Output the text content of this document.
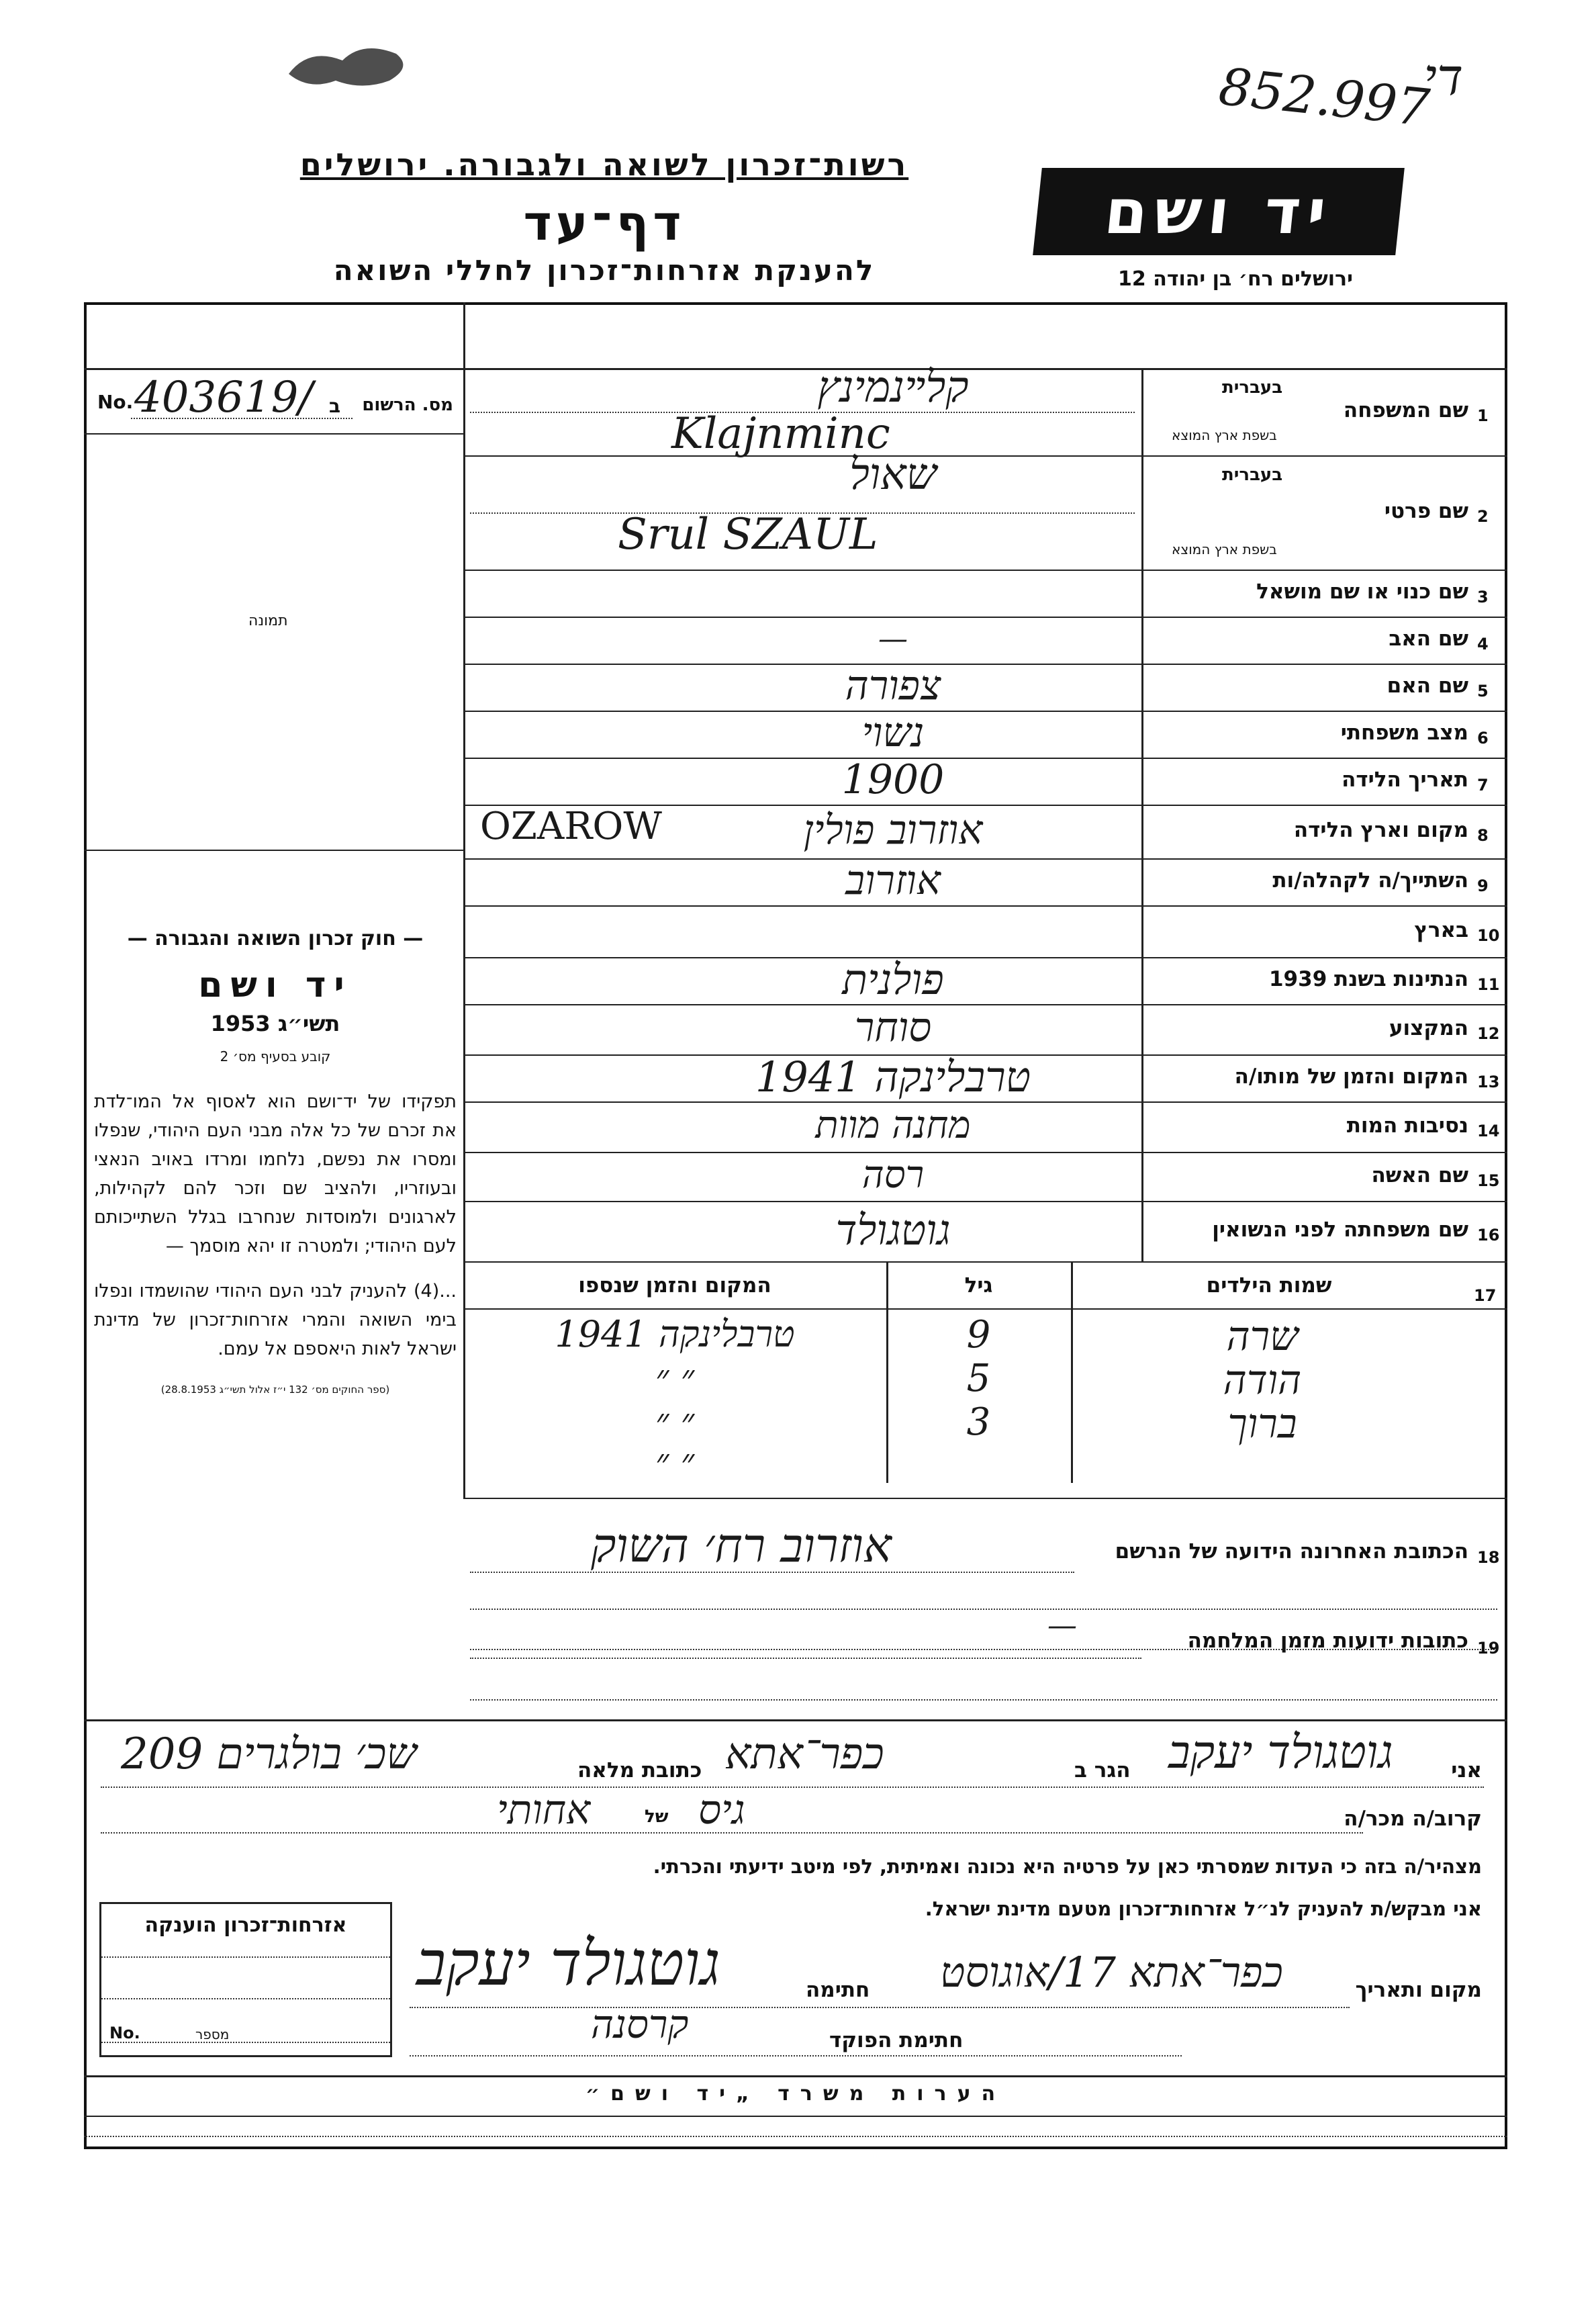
852.997
די
רשות־זכרון לשואה ולגבורה. ירושלים
דף־עד
להענקת אזרחות־זכרון לחללי השואה
יד ושם
ירושלים רח׳ בן יהודה 12
No. 403619/ ב מס. הרשום
תמונה
— חוק זכרון השואה והגבורה —
יד ושם
תשי״ג 1953
קובע בסעיף מס׳ 2
תפקידו של יד־ושם הוא לאסוף אל המו־לדת את זכרם של כל אלה מבני העם היהודי, שנפלו ומסרו את נפשם, נלחמו ומרדו באויב הנאצי ובעוזריו, ולהציב שם וזכר להם לקהילות, לארגונים ולמוסדות שנחרבו בגלל השתייכותם לעם היהודי; ולמטרה זו יהא מוסמך —
...(4) להעניק לבני העם היהודי שהושמדו ונפלו בימי השואה והמרי אזרחות־זכרון של מדינת ישראל לאות היאספם אל עמם.
(ספר החוקים מס׳ 132 י״ז אלול תשי״ג 28.8.1953)
1
שם המשפחה
בעברית
בשפת ארץ המוצא
קלײנמינץ
Klajnminc
2
שם פרטי
בעברית
בשפת ארץ המוצא
שאול
Srul SZAUL
3
שם כנוי או שם מושאל
4
שם האב
—
5
שם האם
צפורה
6
מצב משפחתי
נשוי
7
תאריך הלידה
1900
8
מקום וארץ הלידה
אוזרוב פולין
OZAROW
9
השתייך/ה לקהלה/ות
אוזרוב
10
בארץ
11
הנתינות בשנת 1939
פולנית
12
המקצוע
סוחר
13
המקום והזמן של מותו/ה
טרבלינקה 1941
14
נסיבות המות
מחנה מוות
15
שם האשה
רסה
16
שם משפחתה לפני הנשואין
גוטגולד
17
שמות הילדים
גיל
המקום והזמן שנספו
שרה
9
טרבלינקה 1941
הודה
5
״ ״
ברוך
3
״ ״
״ ״
18
הכתובת האחרונה הידועה של הנרשם
אוזרוב רח׳ השוק
19
כתובות ידועות מזמן המלחמה
—
אני
גוטגולד יעקב
הגר ב
כפר־אתא
כתובת מלאה
שכ׳ בולגרים 209
קרוב/ה מכר/ה
גיס
של
אחותי
מצהיר/ה בזה כי העדות שמסרתי כאן על פרטיה היא נכונה ואמיתית, לפי מיטב ידיעתי והכרתי.
אני מבקש/ת להעניק לנ״ל אזרחות־זכרון מטעם מדינת ישראל.
אזרחות־זכרון הוענקה
No.	מספר
מקום ותאריך
כפר־אתא 17/אוגוסט
חתימה
גוטגולד יעקב
חתימת הפוקד
קרסנה
הערות משרד „יד ושם״
